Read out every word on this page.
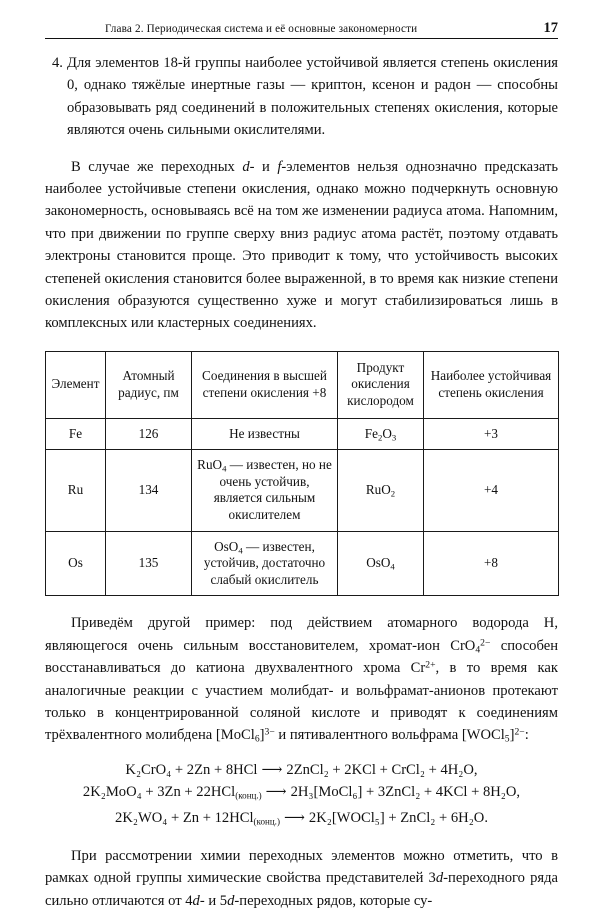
Глава 2. Периодическая система и её основные закономерности	17
4. Для элементов 18-й группы наиболее устойчивой является степень окисления 0, однако тяжёлые инертные газы — криптон, ксенон и радон — способны образовывать ряд соединений в положительных степенях окисления, которые являются очень сильными окислителями.

В случае же переходных d- и f-элементов нельзя однозначно предсказать наиболее устойчивые степени окисления, однако можно подчеркнуть основную закономерность, основываясь всё на том же изменении радиуса атома. Напомним, что при движении по группе сверху вниз радиус атома растёт, поэтому отдавать электроны становится проще. Это приводит к тому, что устойчивость высоких степеней окисления становится более выраженной, в то время как низкие степени окисления образуются существенно хуже и могут стабилизироваться лишь в комплексных или кластерных соединениях.

Элемент	Атомный радиус, пм	Соединения в высшей степени окисления +8	Продукт окисления кислородом	Наиболее устойчивая степень окисления
Fe	126	Не известны	$Fe_2O_3$	+3
Ru	134	RuO$_4$ — известен, но не очень устойчив, является сильным окислителем	RuO$_2$	+4
Os	135	OsO$_4$ — известен, устойчив, достаточно слабый окислитель	OsO$_4$	+8

Приведём другой пример: под действием атомарного водорода H, являющегося очень сильным восстановителем, хромат-ион CrO$_4^{2-}$ способен восстанавливаться до катиона двухвалентного хрома $Cr^{2+}$, в то время как аналогичные реакции с участием молибдат- и вольфрамат-анионов протекают только в концентрированной соляной кислоте и приводят к соединениям трёхвалентного молибдена [MoCl$_6$]$^{3-}$ и пятивалентного вольфрама [WOCl$_5$]$^{2-}$:

K₂CrO₄ + 2Zn + 8HCl ⟶ 2ZnCl₂ + 2KCl + CrCl₂ + 4H₂O,
2K₂MoO₄ + 3Zn + 22HCl(конц.) ⟶ 2H₃[MoCl₆] + 3ZnCl₂ + 4KCl + 8H₂O,
2K₂WO₄ + Zn + 12HCl(конц.) ⟶ 2K₂[WOCl₅] + ZnCl₂ + 6H₂O.

При рассмотрении химии переходных элементов можно отметить, что в рамках одной группы химические свойства представителей 3d-переходного ряда сильно отличаются от 4d- и 5d-переходных рядов, которые су-
